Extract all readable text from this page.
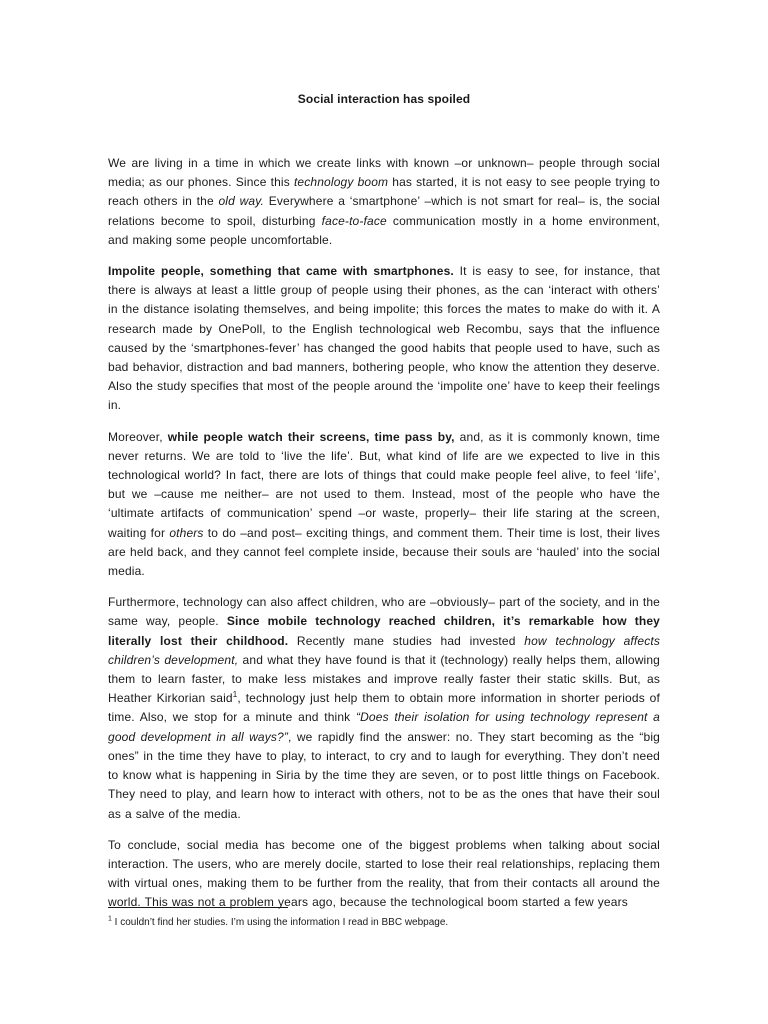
Social interaction has spoiled

We are living in a time in which we create links with known –or unknown– people through social media; as our phones. Since this technology boom has started, it is not easy to see people trying to reach others in the old way. Everywhere a ‘smartphone’ –which is not smart for real– is, the social relations become to spoil, disturbing face-to-face communication mostly in a home environment, and making some people uncomfortable.

Impolite people, something that came with smartphones. It is easy to see, for instance, that there is always at least a little group of people using their phones, as the can ‘interact with others’ in the distance isolating themselves, and being impolite; this forces the mates to make do with it. A research made by OnePoll, to the English technological web Recombu, says that the influence caused by the ‘smartphones-fever’ has changed the good habits that people used to have, such as bad behavior, distraction and bad manners, bothering people, who know the attention they deserve. Also the study specifies that most of the people around the ‘impolite one’ have to keep their feelings in.

Moreover, while people watch their screens, time pass by, and, as it is commonly known, time never returns. We are told to ‘live the life’. But, what kind of life are we expected to live in this technological world? In fact, there are lots of things that could make people feel alive, to feel ‘life’, but we –cause me neither– are not used to them. Instead, most of the people who have the ‘ultimate artifacts of communication’ spend –or waste, properly– their life staring at the screen, waiting for others to do –and post– exciting things, and comment them. Their time is lost, their lives are held back, and they cannot feel complete inside, because their souls are ‘hauled’ into the social media.

Furthermore, technology can also affect children, who are –obviously– part of the society, and in the same way, people. Since mobile technology reached children, it’s remarkable how they literally lost their childhood. Recently mane studies had invested how technology affects children’s development, and what they have found is that it (technology) really helps them, allowing them to learn faster, to make less mistakes and improve really faster their static skills. But, as Heather Kirkorian said$^1$, technology just help them to obtain more information in shorter periods of time. Also, we stop for a minute and think “Does their isolation for using technology represent a good development in all ways?”, we rapidly find the answer: no. They start becoming as the “big ones” in the time they have to play, to interact, to cry and to laugh for everything. They don’t need to know what is happening in Siria by the time they are seven, or to post little things on Facebook. They need to play, and learn how to interact with others, not to be as the ones that have their soul as a salve of the media.

To conclude, social media has become one of the biggest problems when talking about social interaction. The users, who are merely docile, started to lose their real relationships, replacing them with virtual ones, making them to be further from the reality, that from their contacts all around the world. This was not a problem years ago, because the technological boom started a few years

$^1$ I couldn’t find her studies. I’m using the information I read in BBC webpage.
